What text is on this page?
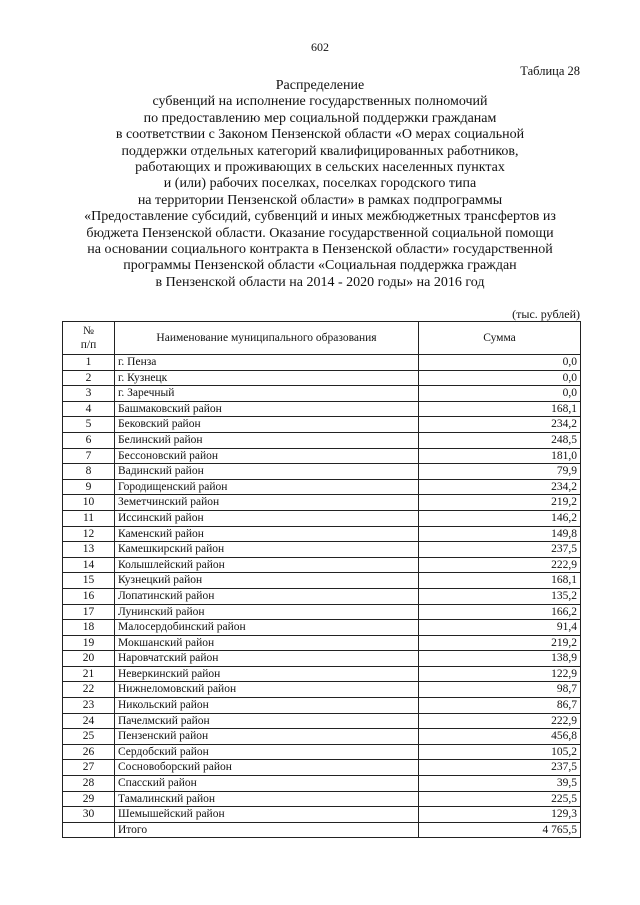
602
Таблица 28
Распределение
субвенций на исполнение государственных полномочий
по предоставлению мер социальной поддержки гражданам
в соответствии с Законом Пензенской области «О мерах социальной
поддержки отдельных категорий квалифицированных работников,
работающих и проживающих в сельских населенных пунктах
и (или) рабочих поселках, поселках городского типа
на территории Пензенской области» в рамках подпрограммы
«Предоставление субсидий, субвенций и иных межбюджетных трансфертов из
бюджета Пензенской области. Оказание государственной социальной помощи
на основании социального контракта в Пензенской области» государственной
программы Пензенской области «Социальная поддержка граждан
в Пензенской области на 2014 - 2020 годы» на 2016 год
(тыс. рублей)
№
п/п	Наименование муниципального образования	Сумма
1	г. Пенза	0,0
2	г. Кузнецк	0,0
3	г. Заречный	0,0
4	Башмаковский район	168,1
5	Бековский район	234,2
6	Белинский район	248,5
7	Бессоновский район	181,0
8	Вадинский район	79,9
9	Городищенский район	234,2
10	Земетчинский район	219,2
11	Иссинский район	146,2
12	Каменский район	149,8
13	Камешкирский район	237,5
14	Колышлейский район	222,9
15	Кузнецкий район	168,1
16	Лопатинский район	135,2
17	Лунинский район	166,2
18	Малосердобинский район	91,4
19	Мокшанский район	219,2
20	Наровчатский район	138,9
21	Неверкинский район	122,9
22	Нижнеломовский район	98,7
23	Никольский район	86,7
24	Пачелмский район	222,9
25	Пензенский район	456,8
26	Сердобский район	105,2
27	Сосновоборский район	237,5
28	Спасский район	39,5
29	Тамалинский район	225,5
30	Шемышейский район	129,3
	Итого	4 765,5
